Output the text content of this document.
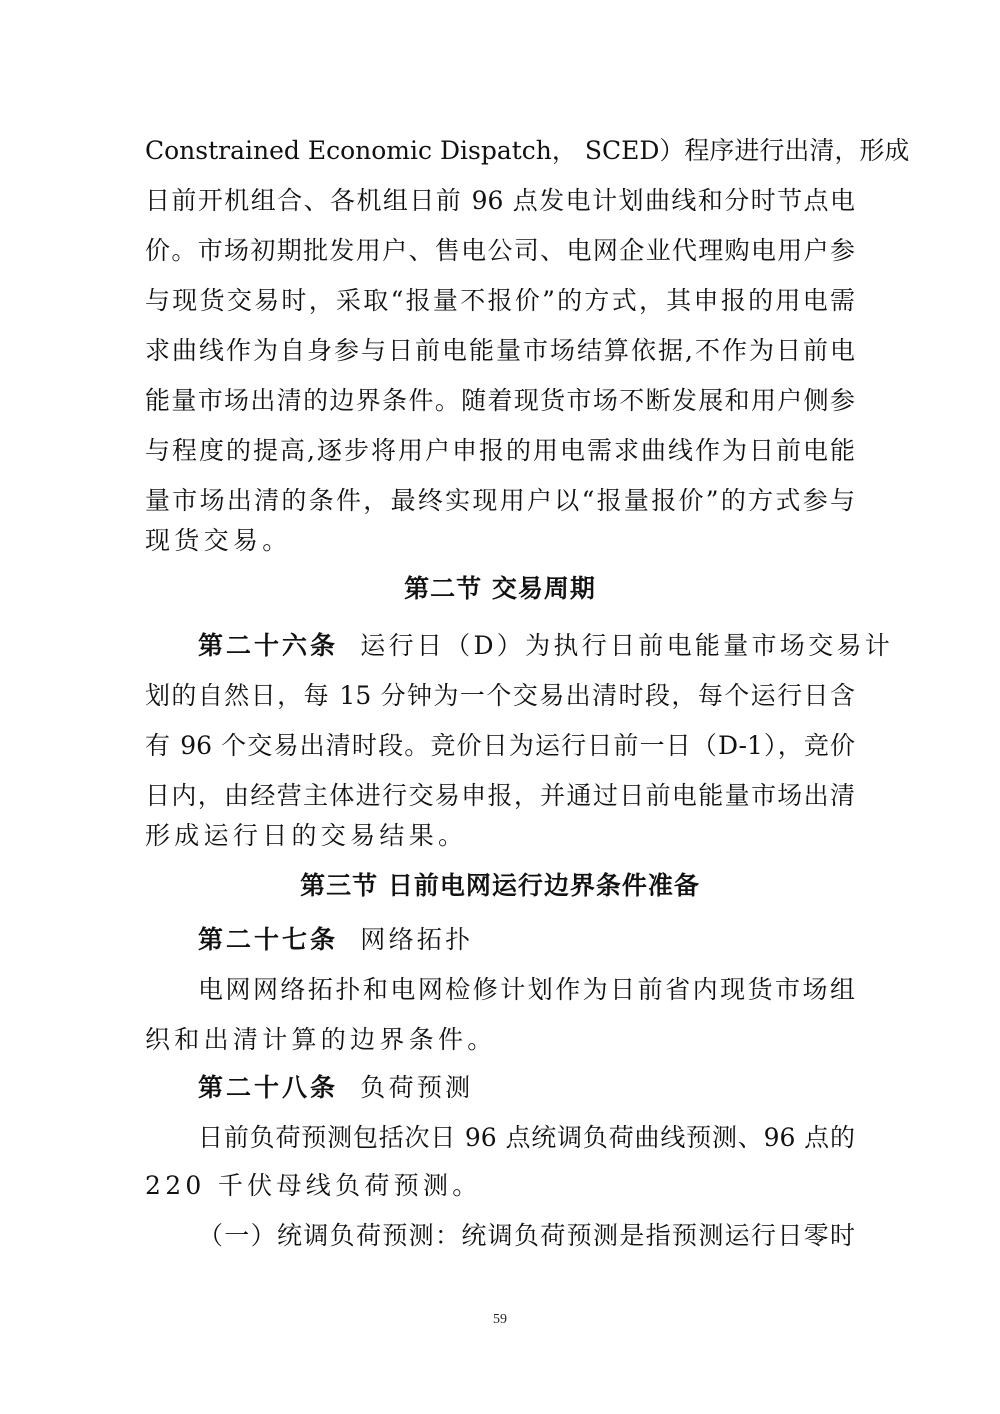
Constrained Economic Dispatch， SCED）程序进行出清，形成
日前开机组合、各机组日前 96 点发电计划曲线和分时节点电
价。市场初期批发用户、售电公司、电网企业代理购电用户参
与现货交易时，采取“报量不报价”的方式，其申报的用电需
求曲线作为自身参与日前电能量市场结算依据,不作为日前电
能量市场出清的边界条件。随着现货市场不断发展和用户侧参
与程度的提高,逐步将用户申报的用电需求曲线作为日前电能
量市场出清的条件，最终实现用户以“报量报价”的方式参与
现货交易。
第二节 交易周期
第二十六条 运行日（D）为执行日前电能量市场交易计
划的自然日，每 15 分钟为一个交易出清时段，每个运行日含
有 96 个交易出清时段。竞价日为运行日前一日（D-1），竞价
日内，由经营主体进行交易申报，并通过日前电能量市场出清
形成运行日的交易结果。
第三节 日前电网运行边界条件准备
第二十七条 网络拓扑
电网网络拓扑和电网检修计划作为日前省内现货市场组
织和出清计算的边界条件。
第二十八条 负荷预测
日前负荷预测包括次日 96 点统调负荷曲线预测、96 点的
220 千伏母线负荷预测。
（一）统调负荷预测：统调负荷预测是指预测运行日零时
59
